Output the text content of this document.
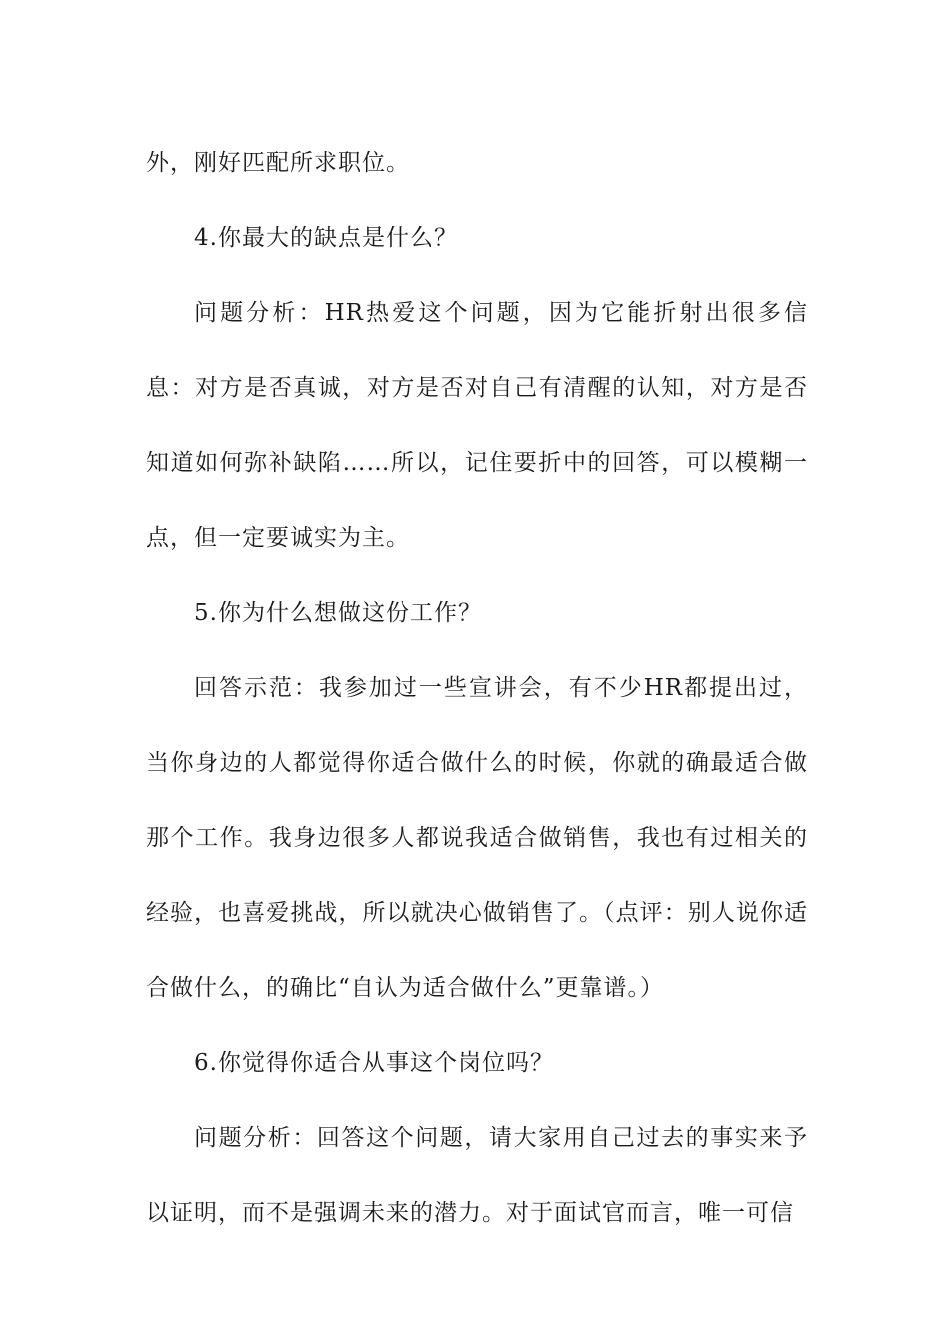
外，刚好匹配所求职位。

4.你最大的缺点是什么？

问题分析：HR热爱这个问题，因为它能折射出很多信息：对方是否真诚，对方是否对自己有清醒的认知，对方是否知道如何弥补缺陷……所以，记住要折中的回答，可以模糊一点，但一定要诚实为主。

5.你为什么想做这份工作？

回答示范：我参加过一些宣讲会，有不少HR都提出过，当你身边的人都觉得你适合做什么的时候，你就的确最适合做那个工作。我身边很多人都说我适合做销售，我也有过相关的经验，也喜爱挑战，所以就决心做销售了。（点评：别人说你适合做什么，的确比“自认为适合做什么”更靠谱。）

6.你觉得你适合从事这个岗位吗？

问题分析：回答这个问题，请大家用自己过去的事实来予以证明，而不是强调未来的潜力。对于面试官而言，唯一可信
